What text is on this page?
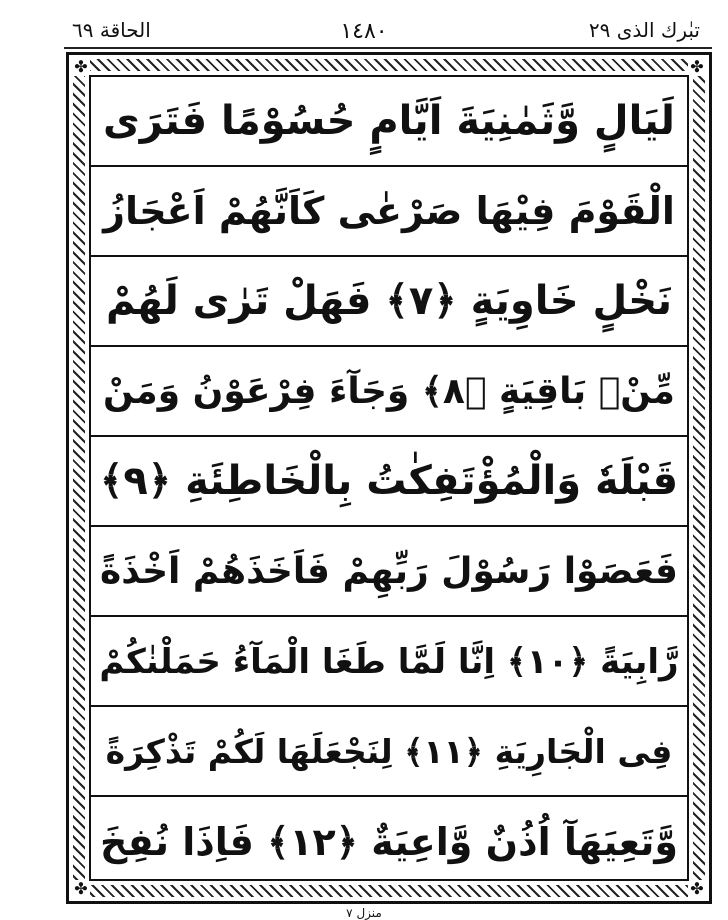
الحاقة ٦٩	١٤٨٠	تبٰرك الذی ٢٩
✤	✤
✤	✤
لَيَالٍ وَّثَمٰنِيَةَ اَيَّامٍ حُسُوْمًا فَتَرَى
الْقَوْمَ فِيْهَا صَرْعٰى كَاَنَّهُمْ اَعْجَازُ
نَخْلٍ خَاوِيَةٍ ﴿٧﴾ فَهَلْ تَرٰى لَهُمْ
مِّنْۢ بَاقِيَةٍ ﴿٨﴾ وَجَآءَ فِرْعَوْنُ وَمَنْ
قَبْلَهٗ وَالْمُؤْتَفِكٰتُ بِالْخَاطِئَةِ ﴿٩﴾
فَعَصَوْا رَسُوْلَ رَبِّهِمْ فَاَخَذَهُمْ اَخْذَةً
رَّابِيَةً ﴿١٠﴾ اِنَّا لَمَّا طَغَا الْمَآءُ حَمَلْنٰكُمْ
فِى الْجَارِيَةِ ﴿١١﴾ لِنَجْعَلَهَا لَكُمْ تَذْكِرَةً
وَّتَعِيَهَآ اُذُنٌ وَّاعِيَةٌ ﴿١٢﴾ فَاِذَا نُفِخَ
منزل ٧
